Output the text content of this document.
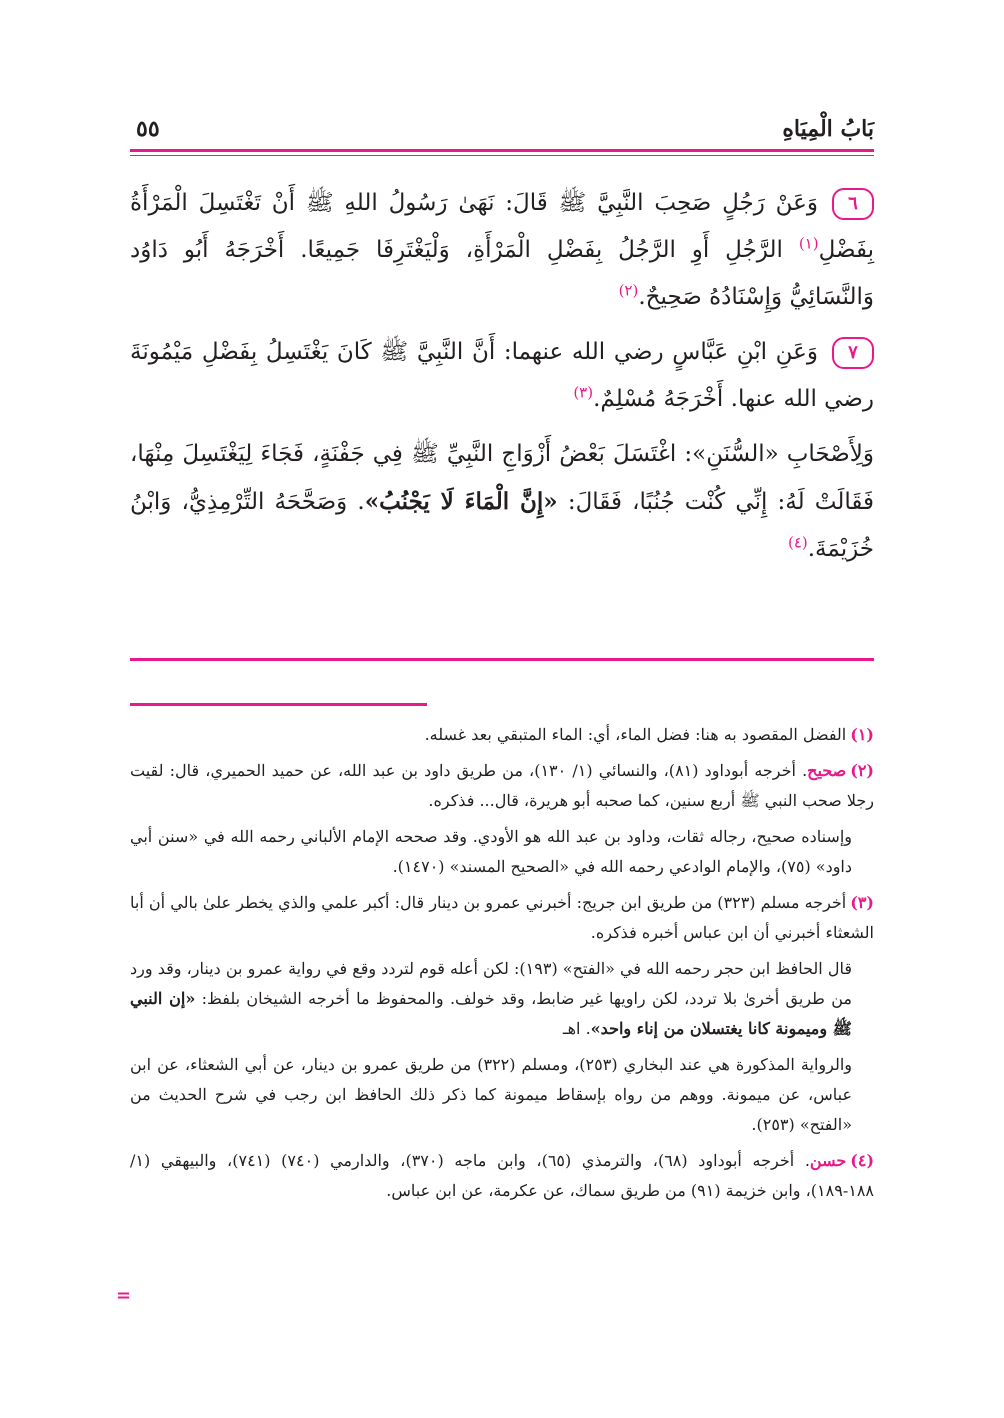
بَابُ الْمِيَاهِ
٥٥

٦وَعَنْ رَجُلٍ صَحِبَ النَّبِيَّ ﷺ قَالَ: نَهَىٰ رَسُولُ اللهِ ﷺ أَنْ تَغْتَسِلَ الْمَرْأَةُ بِفَضْلِ$^{(١)}$ الرَّجُلِ أَوِ الرَّجُلُ بِفَضْلِ الْمَرْأَةِ، وَلْيَغْتَرِفَا جَمِيعًا. أَخْرَجَهُ أَبُو دَاوُد وَالنَّسَائِيُّ وَإِسْنَادُهُ صَحِيحٌ.$^{(٢)}$

٧وَعَنِ ابْنِ عَبَّاسٍ رضي الله عنهما: أَنَّ النَّبِيَّ ﷺ كَانَ يَغْتَسِلُ بِفَضْلِ مَيْمُونَةَ رضي الله عنها. أَخْرَجَهُ مُسْلِمٌ.$^{(٣)}$

وَلِأَصْحَابِ «السُّنَنِ»: اغْتَسَلَ بَعْضُ أَزْوَاجِ النَّبِيِّ ﷺ فِي جَفْنَةٍ، فَجَاءَ لِيَغْتَسِلَ مِنْهَا، فَقَالَتْ لَهُ: إِنِّي كُنْت جُنُبًا، فَقَالَ: «إِنَّ الْمَاءَ لَا يَجْنُبُ». وَصَحَّحَهُ التِّرْمِذِيُّ، وَابْنُ خُزَيْمَةَ.$^{(٤)}$

(١)الفضل المقصود به هنا: فضل الماء، أي: الماء المتبقي بعد غسله.

(٢)صحيح. أخرجه أبوداود (٨١)، والنسائي (١/ ١٣٠)، من طريق داود بن عبد الله، عن حميد الحميري، قال: لقيت رجلا صحب النبي ﷺ أربع سنين، كما صحبه أبو هريرة، قال... فذكره.

وإسناده صحيح، رجاله ثقات، وداود بن عبد الله هو الأودي. وقد صححه الإمام الألباني رحمه الله في «سنن أبي داود» (٧٥)، والإمام الوادعي رحمه الله في «الصحيح المسند» (١٤٧٠).

(٣)أخرجه مسلم (٣٢٣) من طريق ابن جريج: أخبرني عمرو بن دينار قال: أكبر علمي والذي يخطر علىٰ بالي أن أبا الشعثاء أخبرني أن ابن عباس أخبره فذكره.

قال الحافظ ابن حجر رحمه الله في «الفتح» (١٩٣): لكن أعله قوم لتردد وقع في رواية عمرو بن دينار، وقد ورد من طريق أخرىٰ بلا تردد، لكن راويها غير ضابط، وقد خولف. والمحفوظ ما أخرجه الشيخان بلفظ: «إن النبي ﷺ وميمونة كانا يغتسلان من إناء واحد». اهـ

والرواية المذكورة هي عند البخاري (٢٥٣)، ومسلم (٣٢٢) من طريق عمرو بن دينار، عن أبي الشعثاء، عن ابن عباس، عن ميمونة. ووهم من رواه بإسقاط ميمونة كما ذكر ذلك الحافظ ابن رجب في شرح الحديث من «الفتح» (٢٥٣).

(٤)حسن. أخرجه أبوداود (٦٨)، والترمذي (٦٥)، وابن ماجه (٣٧٠)، والدارمي (٧٤٠) (٧٤١)، والبيهقي (١/ ١٨٨-١٨٩)، وابن خزيمة (٩١) من طريق سماك، عن عكرمة، عن ابن عباس.

=
